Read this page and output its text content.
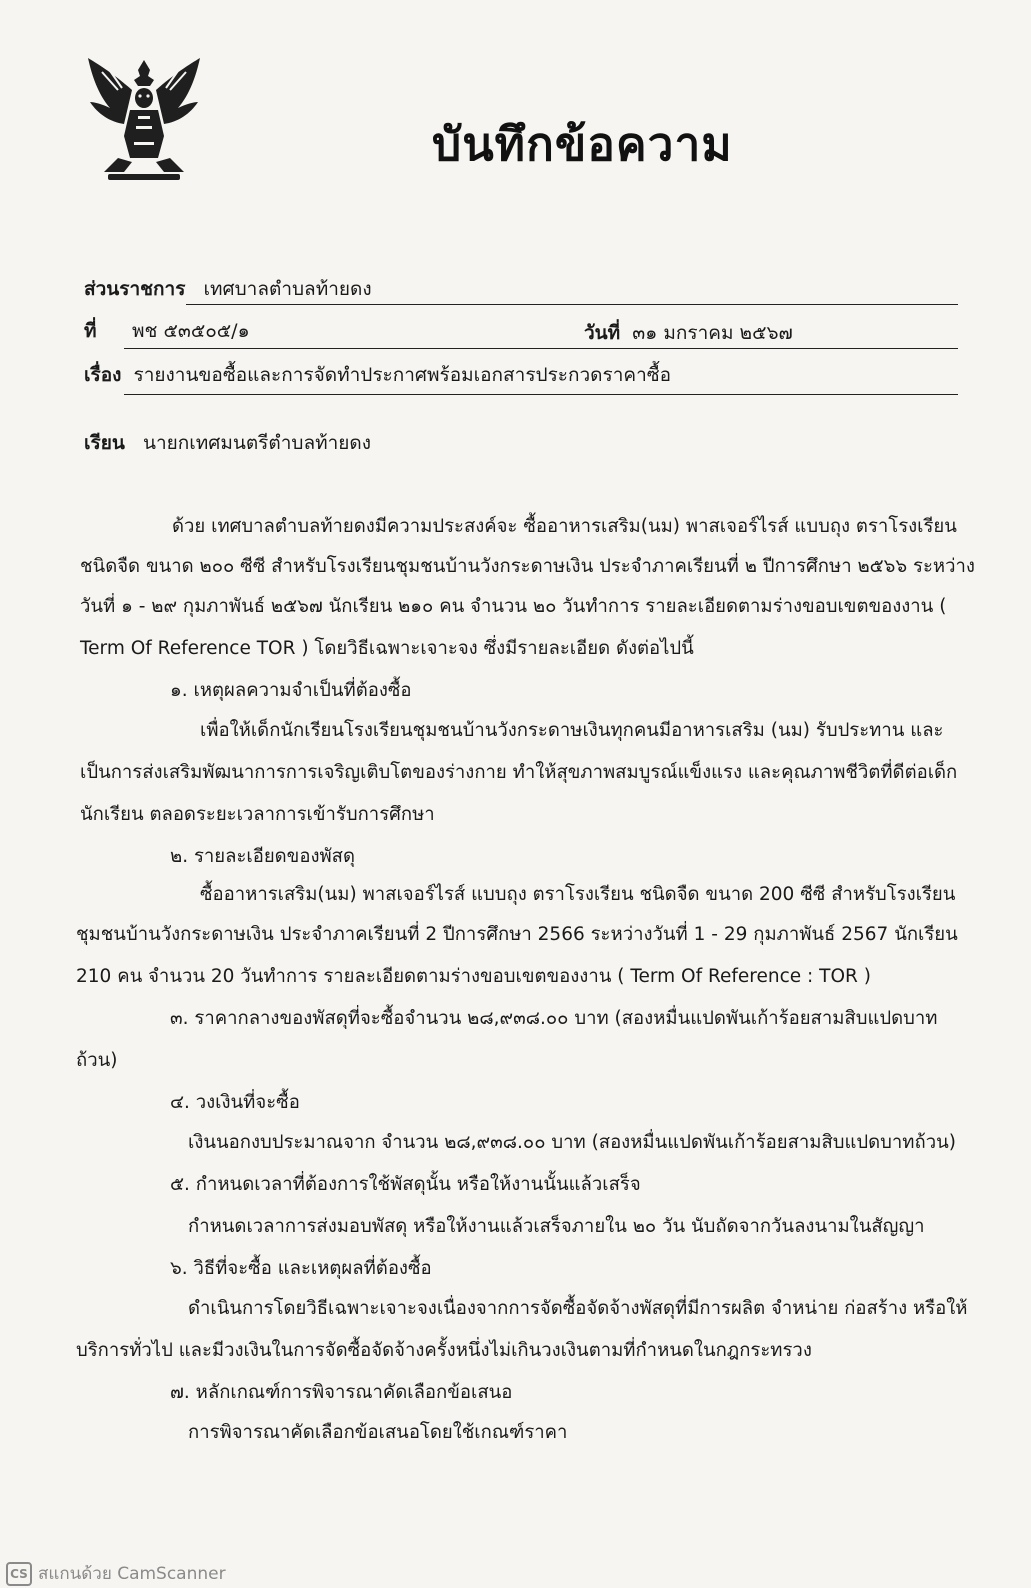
บันทึกข้อความ
ส่วนราชการ เทศบาลตำบลท้ายดง
ที่ พช ๕๓๕๐๕/๑	วันที่ ๓๑ มกราคม ๒๕๖๗
เรื่อง รายงานขอซื้อและการจัดทำประกาศพร้อมเอกสารประกวดราคาซื้อ
เรียน นายกเทศมนตรีตำบลท้ายดง
ด้วย เทศบาลตำบลท้ายดงมีความประสงค์จะ ซื้ออาหารเสริม(นม) พาสเจอร์ไรส์ แบบถุง ตราโรงเรียน
ชนิดจืด ขนาด ๒๐๐ ซีซี สำหรับโรงเรียนชุมชนบ้านวังกระดาษเงิน ประจำภาคเรียนที่ ๒ ปีการศึกษา ๒๕๖๖ ระหว่าง
วันที่ ๑ - ๒๙ กุมภาพันธ์ ๒๕๖๗ นักเรียน ๒๑๐ คน จำนวน ๒๐ วันทำการ รายละเอียดตามร่างขอบเขตของงาน (
Term Of Reference TOR ) โดยวิธีเฉพาะเจาะจง ซึ่งมีรายละเอียด ดังต่อไปนี้
๑. เหตุผลความจำเป็นที่ต้องซื้อ
เพื่อให้เด็กนักเรียนโรงเรียนชุมชนบ้านวังกระดาษเงินทุกคนมีอาหารเสริม (นม) รับประทาน และ
เป็นการส่งเสริมพัฒนาการการเจริญเติบโตของร่างกาย ทำให้สุขภาพสมบูรณ์แข็งแรง และคุณภาพชีวิตที่ดีต่อเด็ก
นักเรียน ตลอดระยะเวลาการเข้ารับการศึกษา
๒. รายละเอียดของพัสดุ
ซื้ออาหารเสริม(นม) พาสเจอร์ไรส์ แบบถุง ตราโรงเรียน ชนิดจืด ขนาด 200 ซีซี สำหรับโรงเรียน
ชุมชนบ้านวังกระดาษเงิน ประจำภาคเรียนที่ 2 ปีการศึกษา 2566 ระหว่างวันที่ 1 - 29 กุมภาพันธ์ 2567 นักเรียน
210 คน จำนวน 20 วันทำการ รายละเอียดตามร่างขอบเขตของงาน ( Term Of Reference : TOR )
๓. ราคากลางของพัสดุที่จะซื้อจำนวน ๒๘,๙๓๘.๐๐ บาท (สองหมื่นแปดพันเก้าร้อยสามสิบแปดบาท
ถ้วน)
๔. วงเงินที่จะซื้อ
เงินนอกงบประมาณจาก จำนวน ๒๘,๙๓๘.๐๐ บาท (สองหมื่นแปดพันเก้าร้อยสามสิบแปดบาทถ้วน)
๕. กำหนดเวลาที่ต้องการใช้พัสดุนั้น หรือให้งานนั้นแล้วเสร็จ
กำหนดเวลาการส่งมอบพัสดุ หรือให้งานแล้วเสร็จภายใน ๒๐ วัน นับถัดจากวันลงนามในสัญญา
๖. วิธีที่จะซื้อ และเหตุผลที่ต้องซื้อ
ดำเนินการโดยวิธีเฉพาะเจาะจงเนื่องจากการจัดซื้อจัดจ้างพัสดุที่มีการผลิต จำหน่าย ก่อสร้าง หรือให้
บริการทั่วไป และมีวงเงินในการจัดซื้อจัดจ้างครั้งหนึ่งไม่เกินวงเงินตามที่กำหนดในกฎกระทรวง
๗. หลักเกณฑ์การพิจารณาคัดเลือกข้อเสนอ
การพิจารณาคัดเลือกข้อเสนอโดยใช้เกณฑ์ราคา
CS สแกนด้วย CamScanner
